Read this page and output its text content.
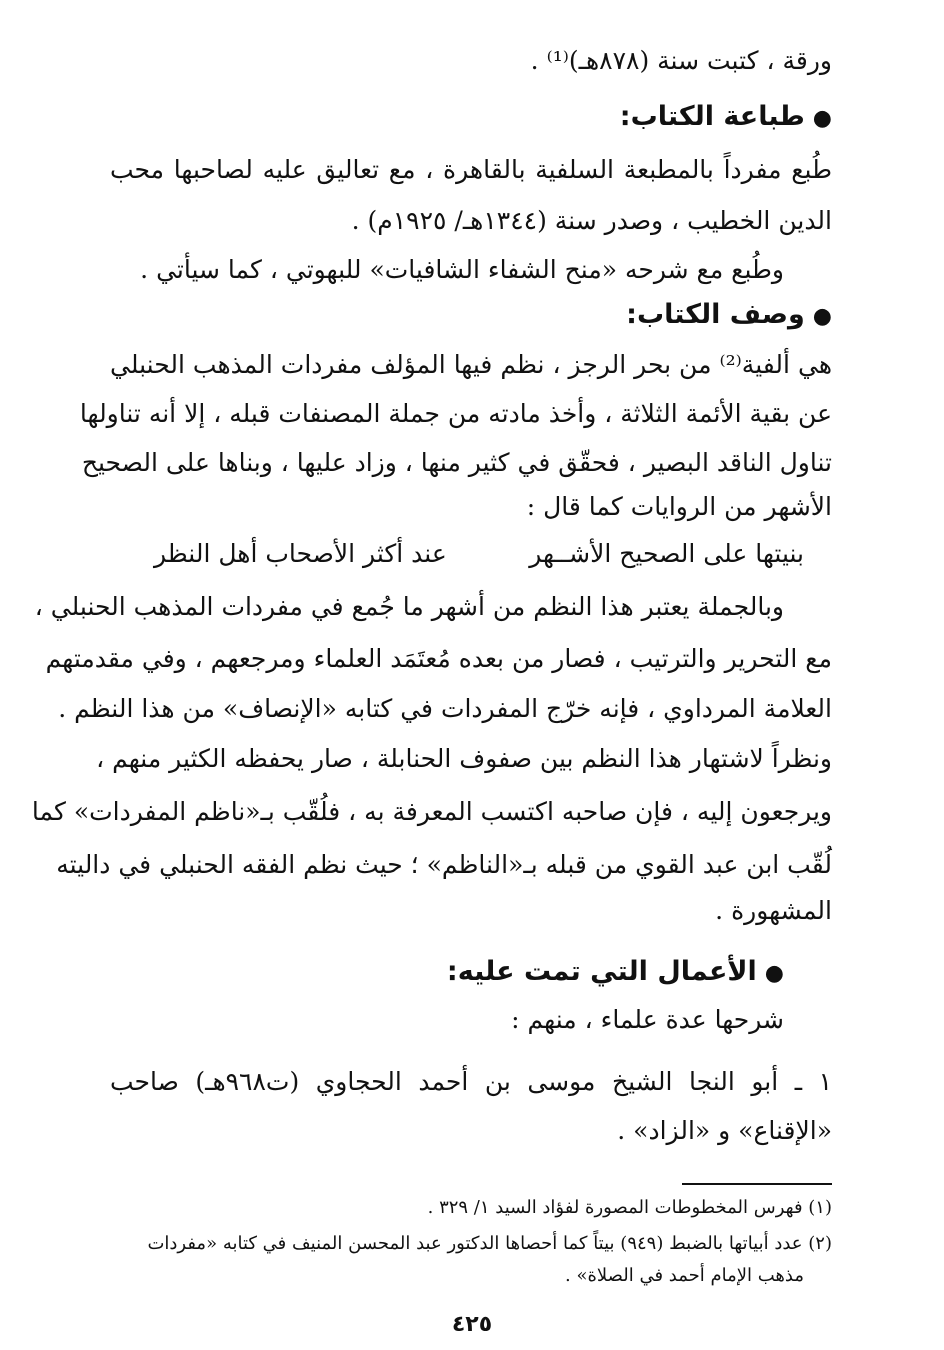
ورقة ، كتبت سنة (٨٧٨هـ)⁽¹⁾ .
●طباعة الكتاب:
طُبع مفرداً بالمطبعة السلفية بالقاهرة ، مع تعاليق عليه لصاحبها محب
الدين الخطيب ، وصدر سنة (١٣٤٤هـ/ ١٩٢٥م) .
وطُبع مع شرحه «منح الشفاء الشافيات» للبهوتي ، كما سيأتي .
●وصف الكتاب:
هي ألفية⁽²⁾ من بحر الرجز ، نظم فيها المؤلف مفردات المذهب الحنبلي
عن بقية الأئمة الثلاثة ، وأخذ مادته من جملة المصنفات قبله ، إلا أنه تناولها
تناول الناقد البصير ، فحقّق في كثير منها ، وزاد عليها ، وبناها على الصحيح
الأشهر من الروايات كما قال :
بنيتها على الصحيح الأشــهر
عند أكثر الأصحاب أهل النظر
وبالجملة يعتبر هذا النظم من أشهر ما جُمع في مفردات المذهب الحنبلي ،
مع التحرير والترتيب ، فصار من بعده مُعتَمَد العلماء ومرجعهم ، وفي مقدمتهم
العلامة المرداوي ، فإنه خرّج المفردات في كتابه «الإنصاف» من هذا النظم .
ونظراً لاشتهار هذا النظم بين صفوف الحنابلة ، صار يحفظه الكثير منهم ،
ويرجعون إليه ، فإن صاحبه اكتسب المعرفة به ، فلُقّب بـ«ناظم المفردات» كما
لُقّب ابن عبد القوي من قبله بـ«الناظم» ؛ حيث نظم الفقه الحنبلي في داليته
المشهورة .
●الأعمال التي تمت عليه:
شرحها عدة علماء ، منهم :
١ ـ أبو النجا الشيخ موسى بن أحمد الحجاوي (ت٩٦٨هـ) صاحب
«الإقناع» و «الزاد» .
(١) فهرس المخطوطات المصورة لفؤاد السيد ١/ ٣٢٩ .
(٢) عدد أبياتها بالضبط (٩٤٩) بيتاً كما أحصاها الدكتور عبد المحسن المنيف في كتابه «مفردات
مذهب الإمام أحمد في الصلاة» .
٤٢٥
